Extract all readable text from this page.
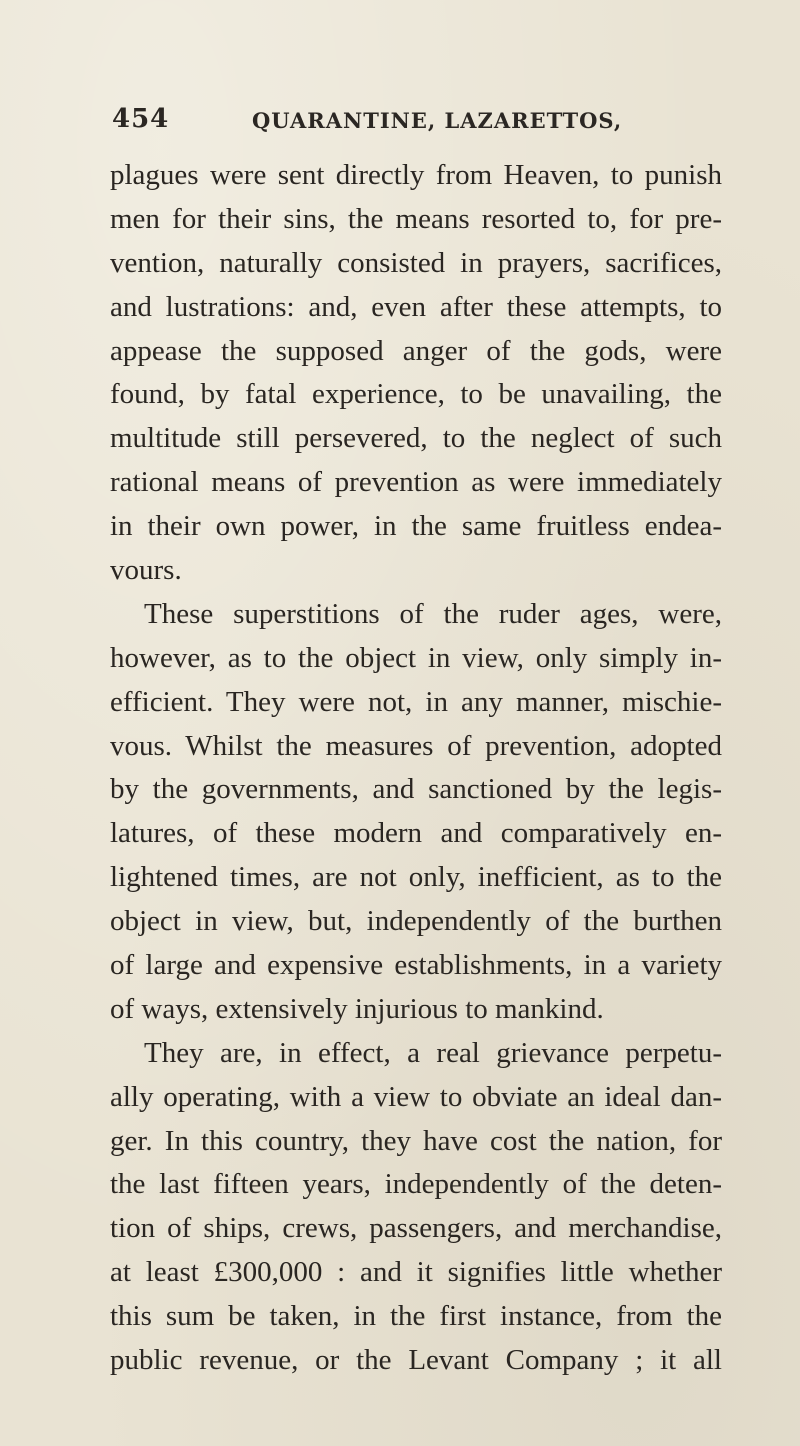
454	QUARANTINE, LAZARETTOS,
plagues were sent directly from Heaven, to punish
men for their sins, the means resorted to, for pre-
vention, naturally consisted in prayers, sacrifices,
and lustrations: and, even after these attempts, to
appease the supposed anger of the gods, were
found, by fatal experience, to be unavailing, the
multitude still persevered, to the neglect of such
rational means of prevention as were immediately
in their own power, in the same fruitless endea-
vours.
These superstitions of the ruder ages, were,
however, as to the object in view, only simply in-
efficient. They were not, in any manner, mischie-
vous. Whilst the measures of prevention, adopted
by the governments, and sanctioned by the legis-
latures, of these modern and comparatively en-
lightened times, are not only, inefficient, as to the
object in view, but, independently of the burthen
of large and expensive establishments, in a variety
of ways, extensively injurious to mankind.
They are, in effect, a real grievance perpetu-
ally operating, with a view to obviate an ideal dan-
ger. In this country, they have cost the nation, for
the last fifteen years, independently of the deten-
tion of ships, crews, passengers, and merchandise,
at least £300,000 : and it signifies little whether
this sum be taken, in the first instance, from the
public revenue, or the Levant Company ; it all
